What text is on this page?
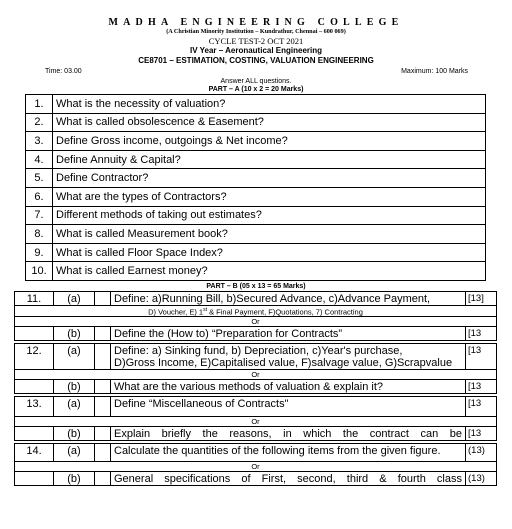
MADHA ENGINEERING COLLEGE
(A Christian Minority Institution – Kundrathur, Chennai – 600 069)
CYCLE TEST-2 OCT 2021
IV Year – Aeronautical Engineering
CE8701 – ESTIMATION, COSTING, VALUATION ENGINEERING
Time: 03.00	Maximum: 100 Marks
Answer ALL questions.
PART – A (10 x 2 = 20 Marks)
1.	What is the necessity of valuation?
2.	What is called obsolescence & Easement?
3.	Define Gross income, outgoings & Net income?
4.	Define Annuity & Capital?
5.	Define Contractor?
6.	What are the types of Contractors?
7.	Different methods of taking out estimates?
8.	What is called Measurement book?
9.	What is called Floor Space Index?
10.	What is called Earnest money?
PART – B (05 x 13 = 65 Marks)
11.	(a)		Define: a)Running Bill, b)Secured Advance, c)Advance Payment,	[13]
D) Voucher, E) 1st & Final Payment, F)Quotations, 7) Contracting				
Or				
	(b)		Define the (How to) “Preparation for Contracts”	[13

12.	(a)		Define: a) Sinking fund, b) Depreciation, c)Year's purchase,
D)Gross Income, E)Capitalised value, F)salvage value, G)Scrapvalue	[13
Or				
	(b)		What are the various methods of valuation & explain it?	[13

13.	(a)		Define “Miscellaneous of Contracts"	[13
Or				
	(b)		Explain briefly the reasons, in which the contract can be	[13

14.	(a)		Calculate the quantities of the following items from the given figure.	(13)
Or				
	(b)		General specifications of First, second, third & fourth class	(13)
